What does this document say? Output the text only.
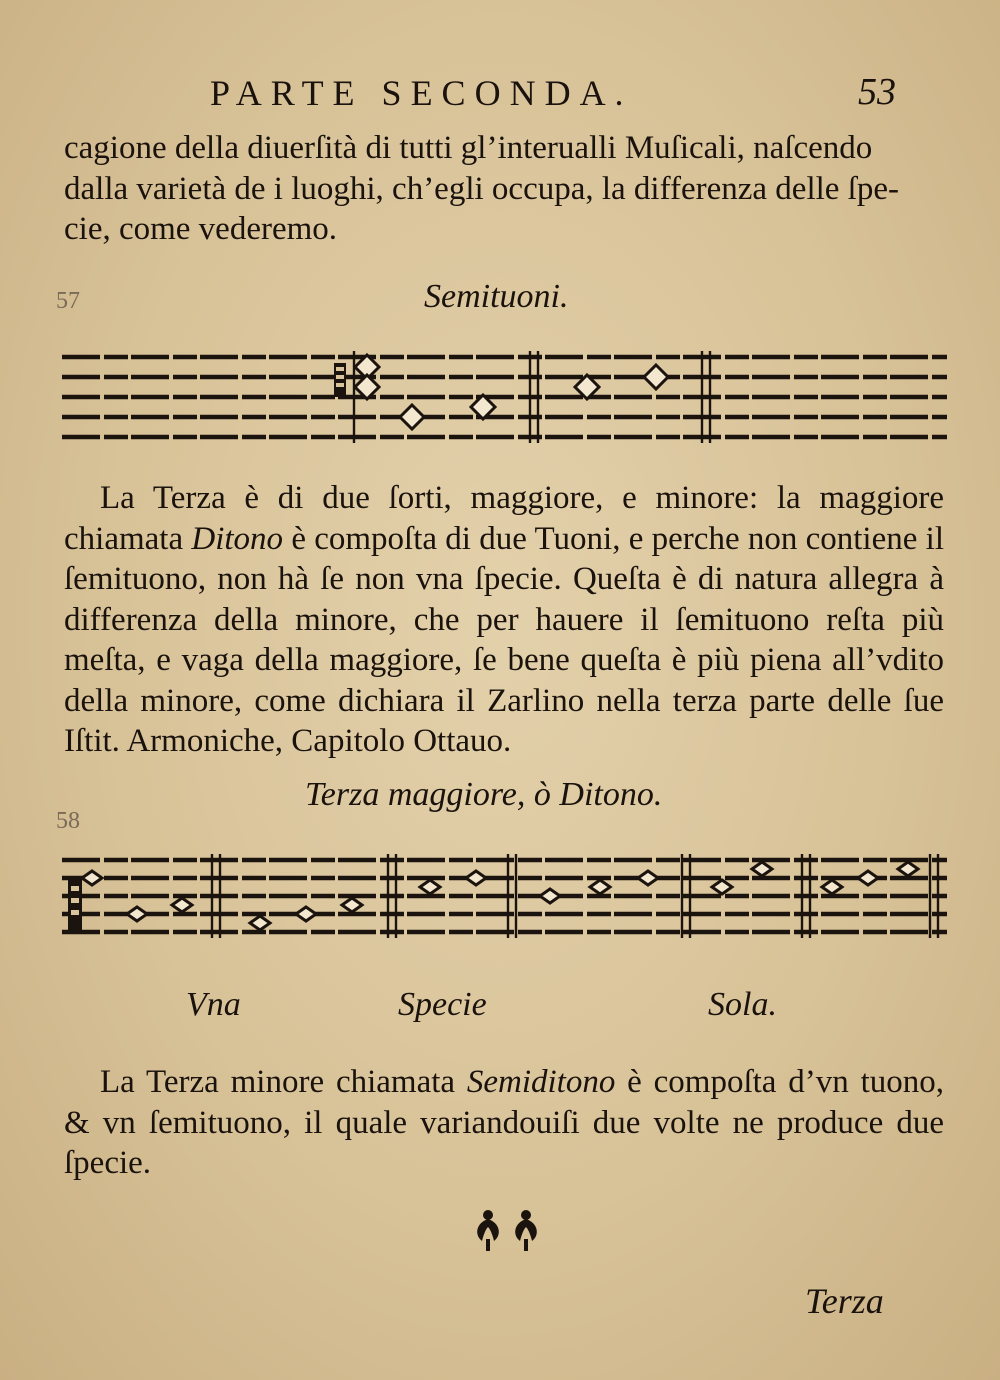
PARTE SECONDA.	53
cagione della diuerſità di tutti gl’interualli Muſicali, naſcendo
dalla varietà de i luoghi, ch’egli occupa, la differenza delle ſpe-
cie, come vederemo.
57	Semituoni.

La Terza è di due ſorti, maggiore, e minore: la maggiore chiamata Ditono è compoſta di due Tuoni, e perche non contiene il ſemituono, non hà ſe non vna ſpecie. Queſta è di natura allegra à differenza della minore, che per hauere il ſemituono reſta più meſta, e vaga della maggiore, ſe bene queſta è più piena all’vdito della minore, come dichiara il Zarlino nella terza parte delle ſue Iſtit. Armoniche, Capitolo Ottauo.

Terza maggiore, ò Ditono.
58
Vna	Specie	Sola.

La Terza minore chiamata Semiditono è compoſta d’vn tuono, & vn ſemituono, il quale variandouiſi due volte ne produce due ſpecie.

Terza
